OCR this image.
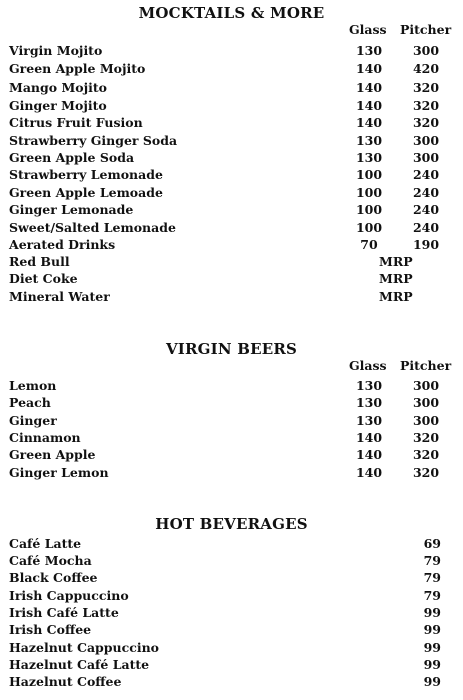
MOCKTAILS & MORE
Glass Pitcher
Virgin Mojito	130	300
Green Apple Mojito	140	420
Mango Mojito	140	320
Ginger Mojito	140	320
Citrus Fruit Fusion	140	320
Strawberry Ginger Soda	130	300
Green Apple Soda	130	300
Strawberry Lemonade	100	240
Green Apple Lemoade	100	240
Ginger Lemonade	100	240
Sweet/Salted Lemonade	100	240
Aerated Drinks	70	190
Red Bull	MRP
Diet Coke	MRP
Mineral Water	MRP
VIRGIN BEERS
Glass Pitcher
Lemon	130	300
Peach	130	300
Ginger	130	300
Cinnamon	140	320
Green Apple	140	320
Ginger Lemon	140	320
HOT BEVERAGES
Café Latte	69
Café Mocha	79
Black Coffee	79
Irish Cappuccino	79
Irish Café Latte	99
Irish Coffee	99
Hazelnut Cappuccino	99
Hazelnut Café Latte	99
Hazelnut Coffee	99
